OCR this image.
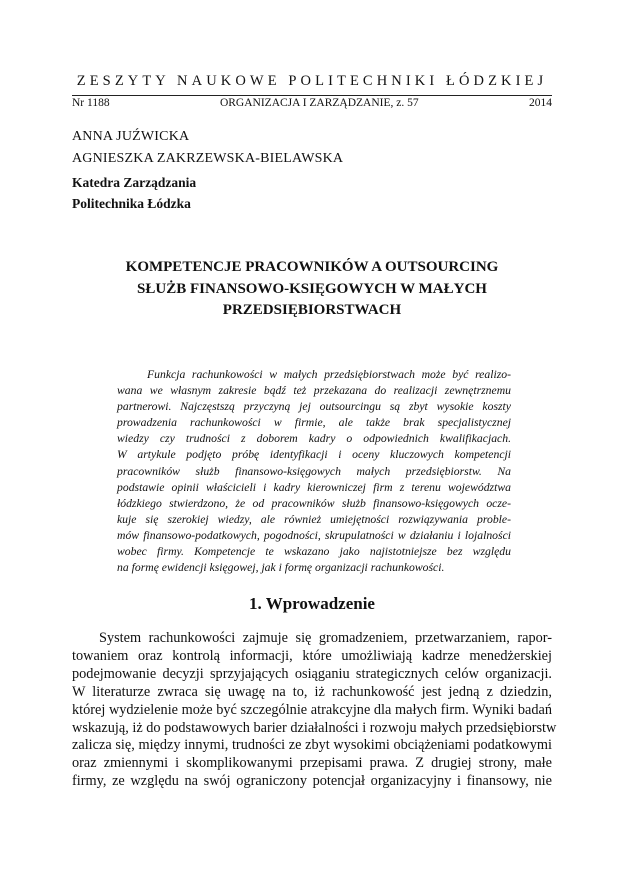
ZESZYTY NAUKOWE POLITECHNIKI ŁÓDZKIEJ
Nr 1188	ORGANIZACJA I ZARZĄDZANIE, z. 57	2014
ANNA JUŹWICKA
AGNIESZKA ZAKRZEWSKA-BIELAWSKA
Katedra Zarządzania
Politechnika Łódzka
KOMPETENCJE PRACOWNIKÓW A OUTSOURCING
SŁUŻB FINANSOWO-KSIĘGOWYCH W MAŁYCH
PRZEDSIĘBIORSTWACH
Funkcja rachunkowości w małych przedsiębiorstwach może być realizo-
wana we własnym zakresie bądź też przekazana do realizacji zewnętrznemu
partnerowi. Najczęstszą przyczyną jej outsourcingu są zbyt wysokie koszty
prowadzenia rachunkowości w firmie, ale także brak specjalistycznej
wiedzy czy trudności z doborem kadry o odpowiednich kwalifikacjach.
W artykule podjęto próbę identyfikacji i oceny kluczowych kompetencji
pracowników służb finansowo-księgowych małych przedsiębiorstw. Na
podstawie opinii właścicieli i kadry kierowniczej firm z terenu województwa
łódzkiego stwierdzono, że od pracowników służb finansowo-księgowych ocze-
kuje się szerokiej wiedzy, ale również umiejętności rozwiązywania proble-
mów finansowo-podatkowych, pogodności, skrupulatności w działaniu i lojalności
wobec firmy. Kompetencje te wskazano jako najistotniejsze bez względu
na formę ewidencji księgowej, jak i formę organizacji rachunkowości.
1. Wprowadzenie
System rachunkowości zajmuje się gromadzeniem, przetwarzaniem, rapor-
towaniem oraz kontrolą informacji, które umożliwiają kadrze menedżerskiej
podejmowanie decyzji sprzyjających osiąganiu strategicznych celów organizacji.
W literaturze zwraca się uwagę na to, iż rachunkowość jest jedną z dziedzin,
której wydzielenie może być szczególnie atrakcyjne dla małych firm. Wyniki badań
wskazują, iż do podstawowych barier działalności i rozwoju małych przedsiębiorstw
zalicza się, między innymi, trudności ze zbyt wysokimi obciążeniami podatkowymi
oraz zmiennymi i skomplikowanymi przepisami prawa. Z drugiej strony, małe
firmy, ze względu na swój ograniczony potencjał organizacyjny i finansowy, nie
